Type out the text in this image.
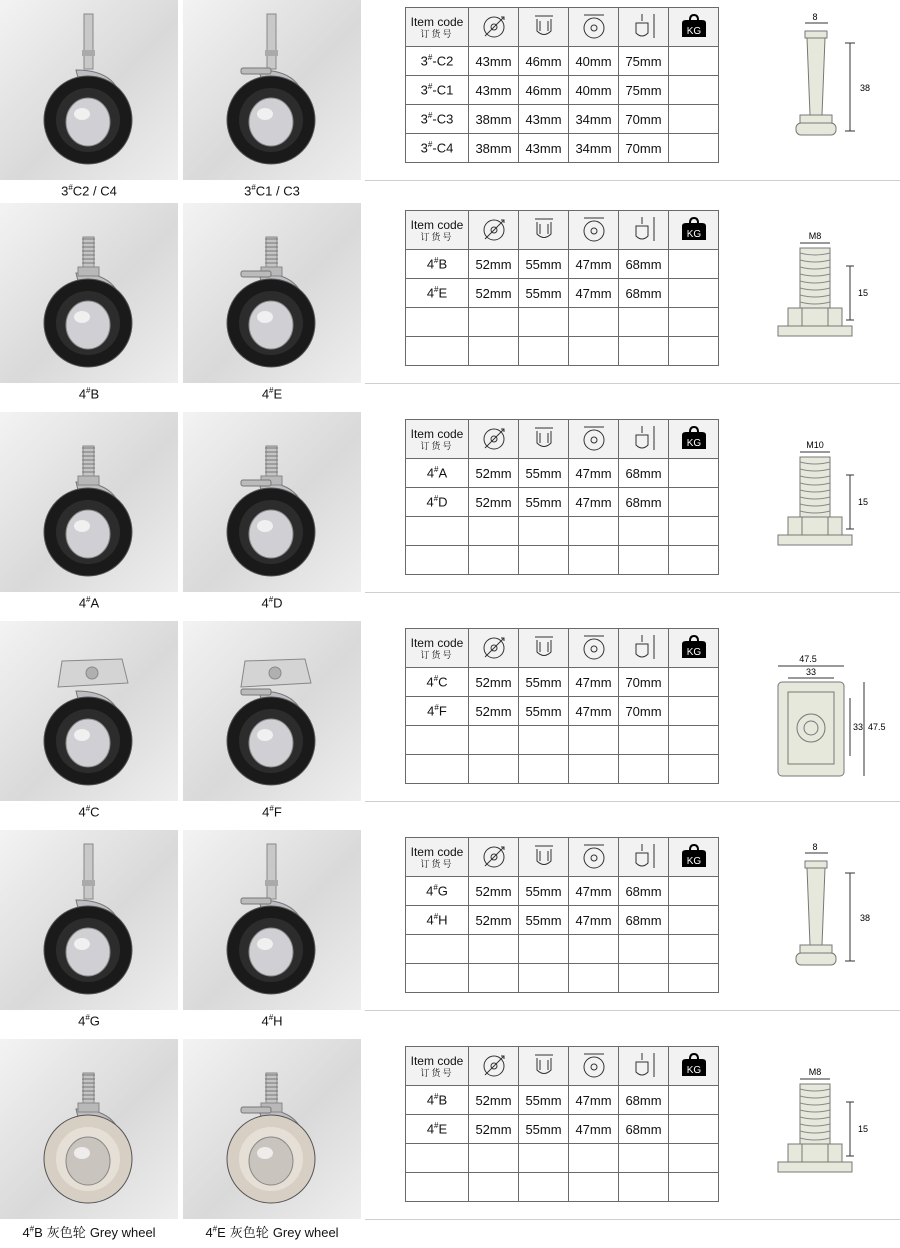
3#C2 / C4	3#C1 / C3
Item code
订货号					KG

3#-C2	43mm	46mm	40mm	75mm	
3#-C1	43mm	46mm	40mm	75mm	
3#-C3	38mm	43mm	34mm	70mm	
3#-C4	38mm	43mm	34mm	70mm	
8
38
4#B	4#E
Item code
订货号					KG

4#B	52mm	55mm	47mm	68mm	
4#E	52mm	55mm	47mm	68mm	

M8
15
4#A	4#D
Item code
订货号					KG

4#A	52mm	55mm	47mm	68mm	
4#D	52mm	55mm	47mm	68mm	

M10
15
4#C	4#F
Item code
订货号					KG

4#C	52mm	55mm	47mm	70mm	
4#F	52mm	55mm	47mm	70mm	

47.5
33
33 47.5
4#G	4#H
Item code
订货号					KG

4#G	52mm	55mm	47mm	68mm	
4#H	52mm	55mm	47mm	68mm	

8
38
4#B 灰色轮 Grey wheel	4#E 灰色轮 Grey wheel
Item code
订货号					KG

4#B	52mm	55mm	47mm	68mm	
4#E	52mm	55mm	47mm	68mm	

M8
15
